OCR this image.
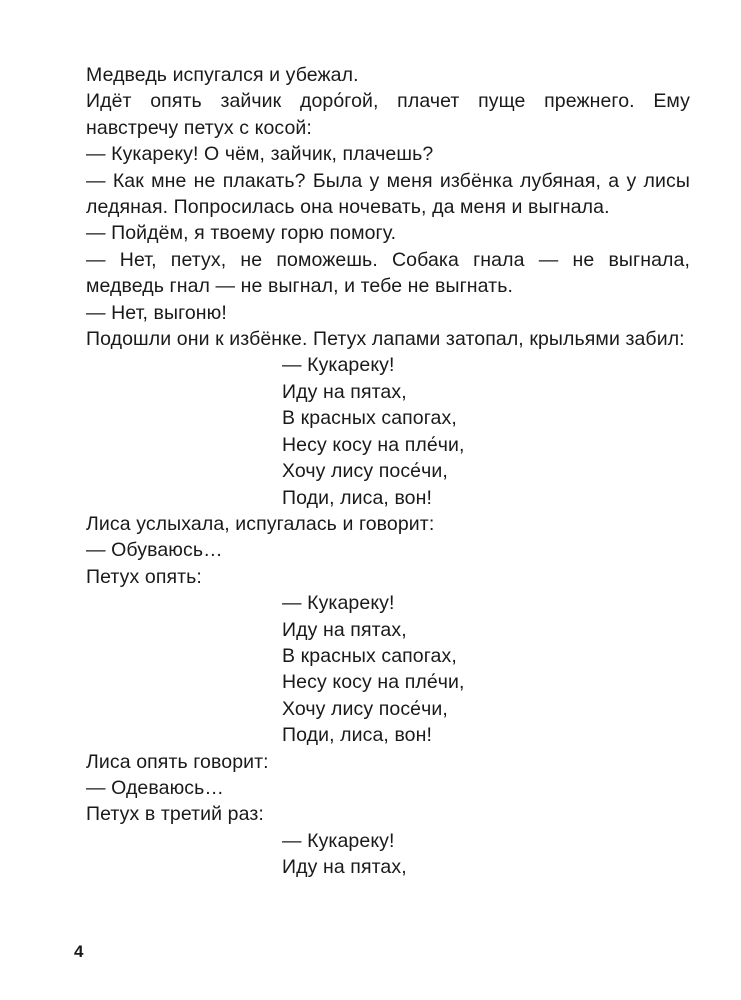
Медведь испугался и убежал.

Идёт опять зайчик доро́гой, плачет пуще прежнего. Ему навстречу петух с косой:

— Кукареку! О чём, зайчик, плачешь?

— Как мне не плакать? Была у меня избёнка лубяная, а у лисы ледяная. Попросилась она ночевать, да меня и выгнала.

— Пойдём, я твоему горю помогу.

— Нет, петух, не поможешь. Собака гнала — не выгнала, медведь гнал — не выгнал, и тебе не выгнать.

— Нет, выгоню!

Подошли они к избёнке. Петух лапами затопал, крыльями забил:

— Кукареку!
Иду на пятах,
В красных сапогах,
Несу косу на пле́чи,
Хочу лису посе́чи,
Поди, лиса, вон!

Лиса услыхала, испугалась и говорит:

— Обуваюсь…

Петух опять:

— Кукареку!
Иду на пятах,
В красных сапогах,
Несу косу на пле́чи,
Хочу лису посе́чи,
Поди, лиса, вон!

Лиса опять говорит:

— Одеваюсь…

Петух в третий раз:

— Кукареку!
Иду на пятах,
4
